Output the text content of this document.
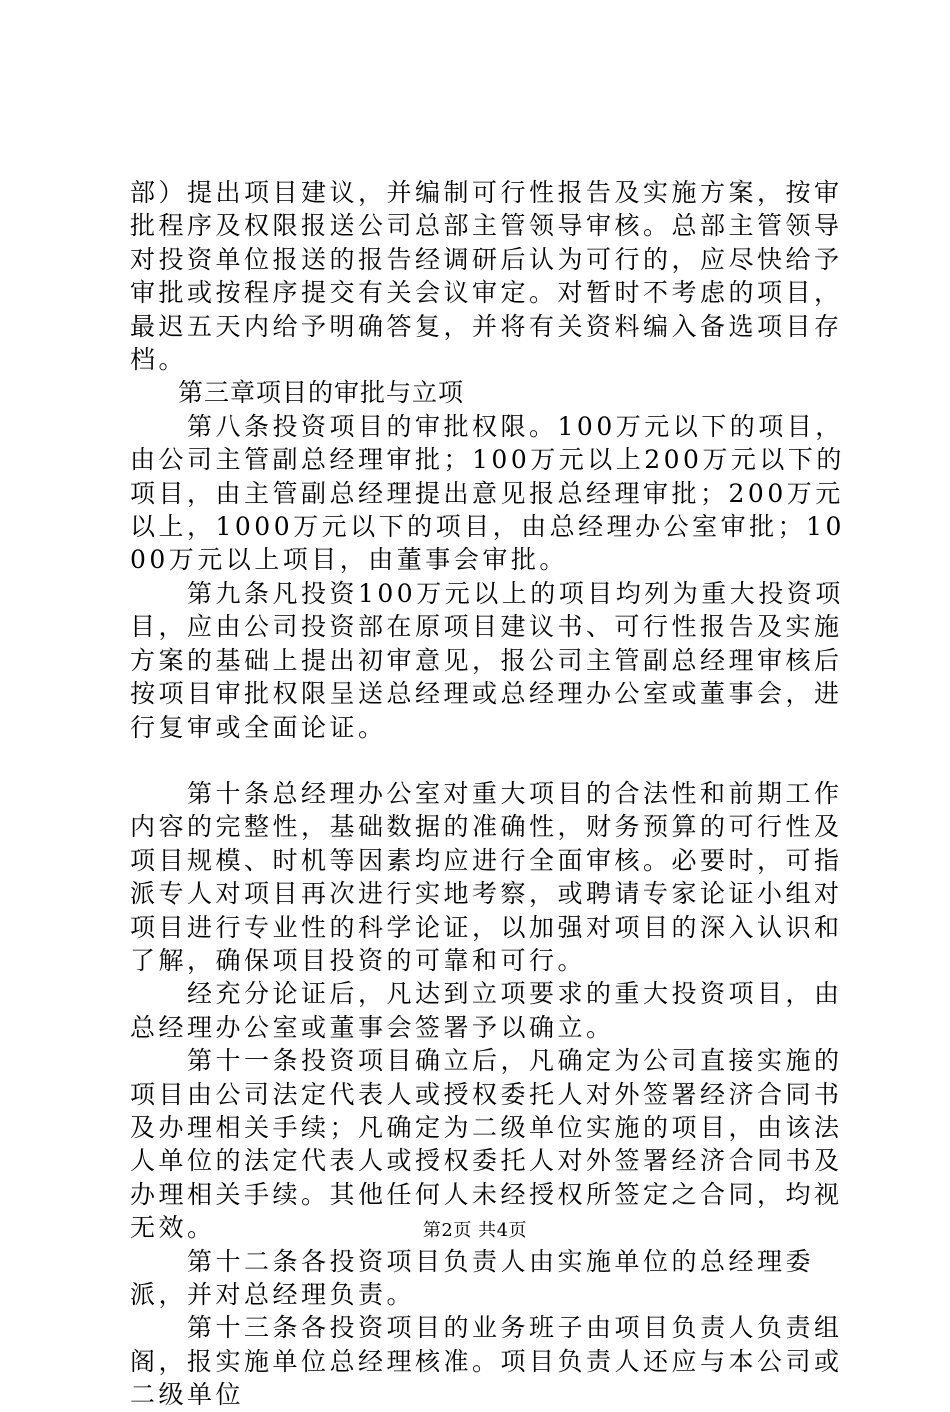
部）提出项目建议，并编制可行性报告及实施方案，按审批程序及权限报送公司总部主管领导审核。总部主管领导对投资单位报送的报告经调研后认为可行的，应尽快给予审批或按程序提交有关会议审定。对暂时不考虑的项目，最迟五天内给予明确答复，并将有关资料编入备选项目存档。

第三章项目的审批与立项

第八条投资项目的审批权限。100万元以下的项目，由公司主管副总经理审批；100万元以上200万元以下的项目，由主管副总经理提出意见报总经理审批；200万元以上，1000万元以下的项目，由总经理办公室审批；1000万元以上项目，由董事会审批。

第九条凡投资100万元以上的项目均列为重大投资项目，应由公司投资部在原项目建议书、可行性报告及实施方案的基础上提出初审意见，报公司主管副总经理审核后按项目审批权限呈送总经理或总经理办公室或董事会，进行复审或全面论证。

第十条总经理办公室对重大项目的合法性和前期工作内容的完整性，基础数据的准确性，财务预算的可行性及项目规模、时机等因素均应进行全面审核。必要时，可指派专人对项目再次进行实地考察，或聘请专家论证小组对项目进行专业性的科学论证，以加强对项目的深入认识和了解，确保项目投资的可靠和可行。

经充分论证后，凡达到立项要求的重大投资项目，由总经理办公室或董事会签署予以确立。

第十一条投资项目确立后，凡确定为公司直接实施的项目由公司法定代表人或授权委托人对外签署经济合同书及办理相关手续；凡确定为二级单位实施的项目，由该法人单位的法定代表人或授权委托人对外签署经济合同书及办理相关手续。其他任何人未经授权所签定之合同，均视无效。

第十二条各投资项目负责人由实施单位的总经理委派，并对总经理负责。

第十三条各投资项目的业务班子由项目负责人负责组阁，报实施单位总经理核准。项目负责人还应与本公司或二级单位

第2页 共4页
